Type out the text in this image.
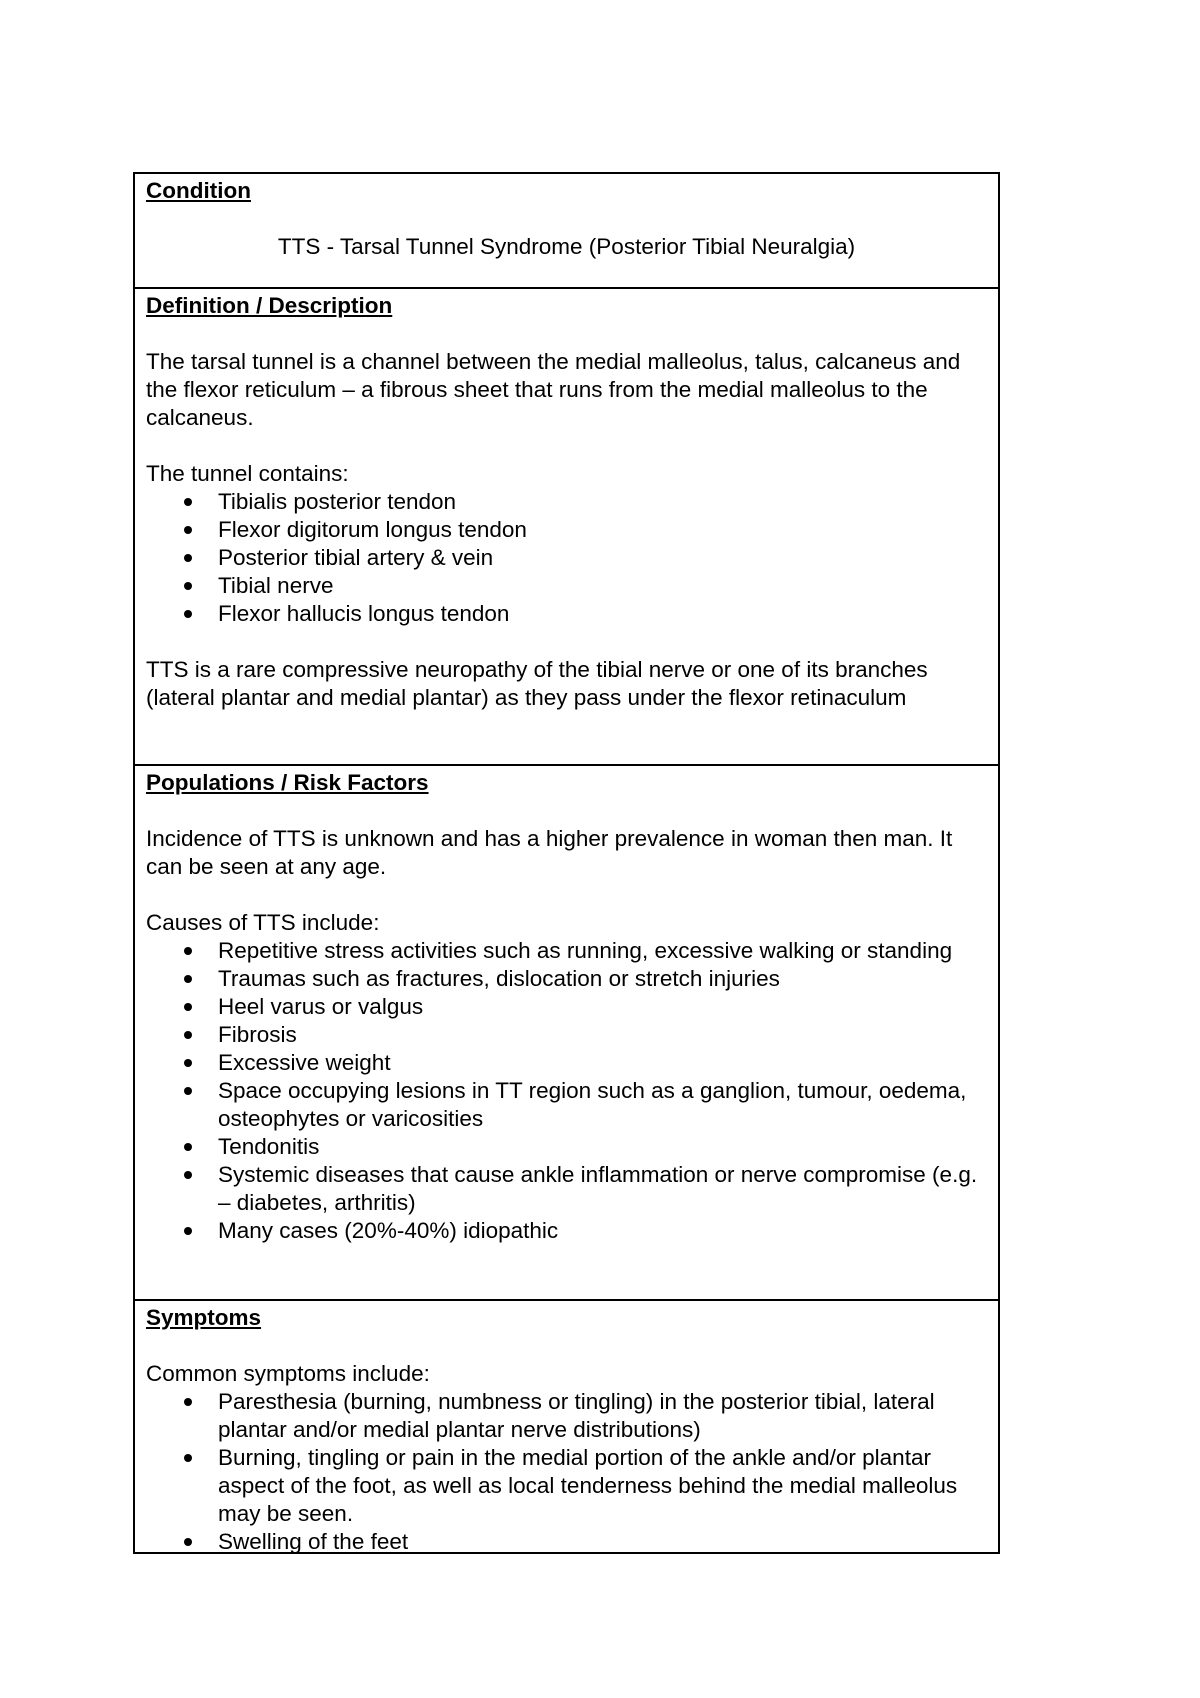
Condition

TTS - Tarsal Tunnel Syndrome (Posterior Tibial Neuralgia)

Definition / Description

The tarsal tunnel is a channel between the medial malleolus, talus, calcaneus and the flexor reticulum – a fibrous sheet that runs from the medial malleolus to the calcaneus.

The tunnel contains:

Tibialis posterior tendon
Flexor digitorum longus tendon
Posterior tibial artery & vein
Tibial nerve
Flexor hallucis longus tendon

TTS is a rare compressive neuropathy of the tibial nerve or one of its branches (lateral plantar and medial plantar) as they pass under the flexor retinaculum

Populations / Risk Factors

Incidence of TTS is unknown and has a higher prevalence in woman then man. It can be seen at any age.

Causes of TTS include:

Repetitive stress activities such as running, excessive walking or standing
Traumas such as fractures, dislocation or stretch injuries
Heel varus or valgus
Fibrosis
Excessive weight
Space occupying lesions in TT region such as a ganglion, tumour, oedema, osteophytes or varicosities
Tendonitis
Systemic diseases that cause ankle inflammation or nerve compromise (e.g. – diabetes, arthritis)
Many cases (20%-40%) idiopathic

Symptoms

Common symptoms include:

Paresthesia (burning, numbness or tingling) in the posterior tibial, lateral plantar and/or medial plantar nerve distributions)
Burning, tingling or pain in the medial portion of the ankle and/or plantar aspect of the foot, as well as local tenderness behind the medial malleolus may be seen.
Swelling of the feet
